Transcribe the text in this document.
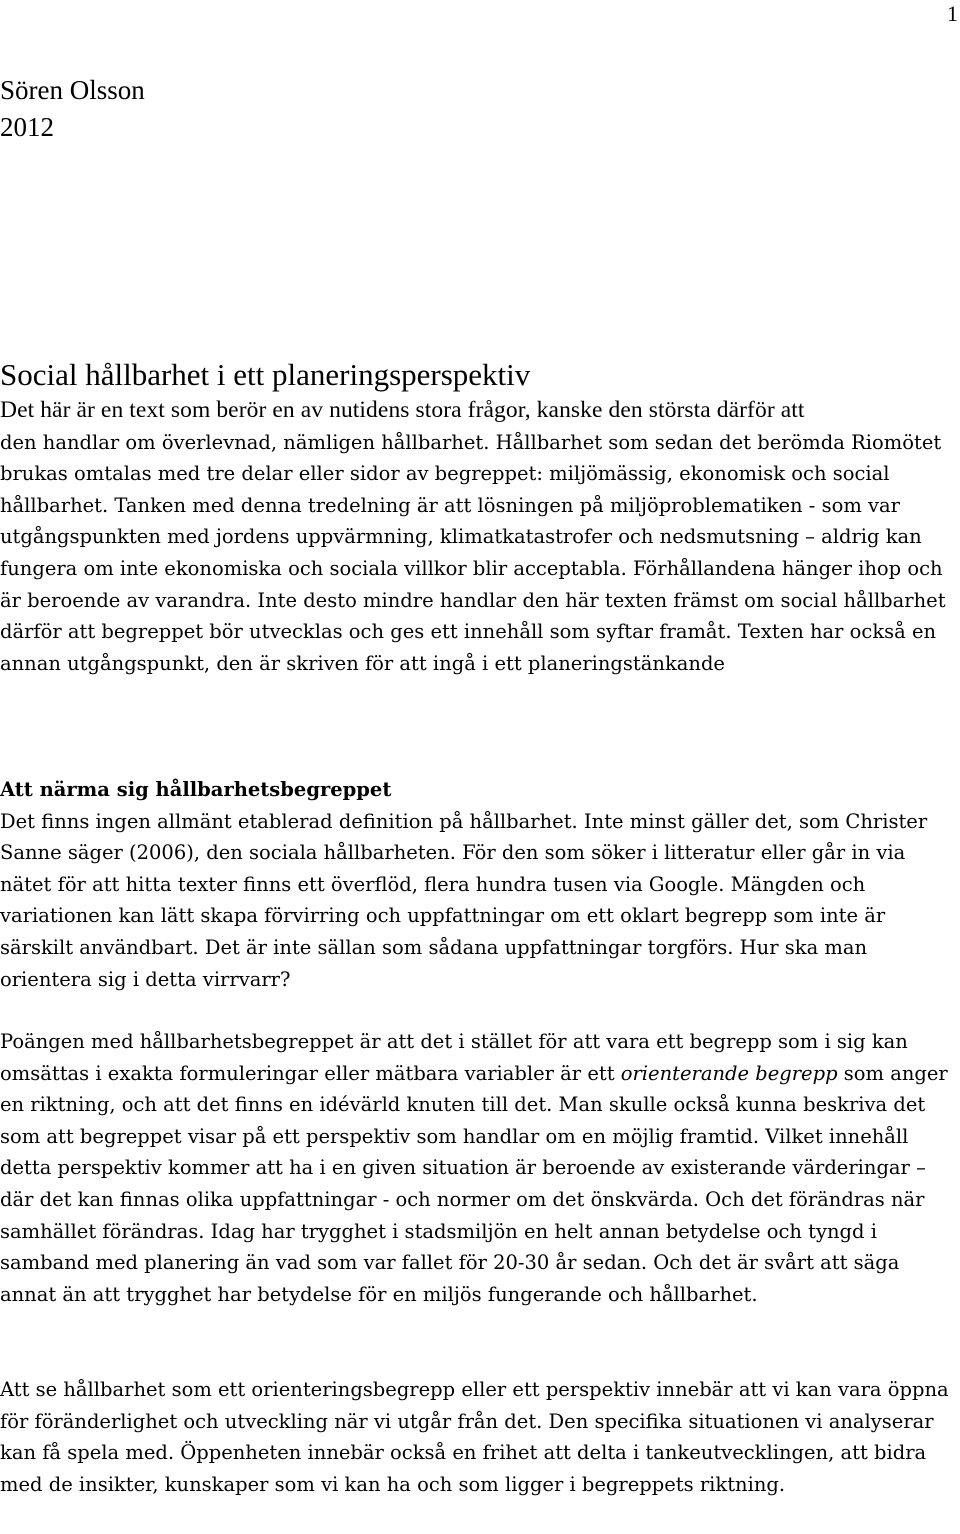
1
Sören Olsson
2012
Social hållbarhet i ett planeringsperspektiv

Det här är en text som berör en av nutidens stora frågor, kanske den största därför att
den handlar om överlevnad, nämligen hållbarhet. Hållbarhet som sedan det berömda Riomötet brukas omtalas med tre delar eller sidor av begreppet: miljömässig, ekonomisk och social hållbarhet. Tanken med denna tredelning är att lösningen på miljöproblematiken - som var utgångspunkten med jordens uppvärmning, klimatkatastrofer och nedsmutsning – aldrig kan fungera om inte ekonomiska och sociala villkor blir acceptabla. Förhållandena hänger ihop och är beroende av varandra. Inte desto mindre handlar den här texten främst om social hållbarhet därför att begreppet bör utvecklas och ges ett innehåll som syftar framåt. Texten har också en annan utgångspunkt, den är skriven för att ingå i ett planeringstänkande

Att närma sig hållbarhetsbegreppet

Det finns ingen allmänt etablerad definition på hållbarhet. Inte minst gäller det, som Christer Sanne säger (2006), den sociala hållbarheten. För den som söker i litteratur eller går in via nätet för att hitta texter finns ett överflöd, flera hundra tusen via Google. Mängden och variationen kan lätt skapa förvirring och uppfattningar om ett oklart begrepp som inte är särskilt användbart. Det är inte sällan som sådana uppfattningar torgförs. Hur ska man orientera sig i detta virrvarr?

Poängen med hållbarhetsbegreppet är att det i stället för att vara ett begrepp som i sig kan omsättas i exakta formuleringar eller mätbara variabler är ett orienterande begrepp som anger en riktning, och att det finns en idévärld knuten till det. Man skulle också kunna beskriva det som att begreppet visar på ett perspektiv som handlar om en möjlig framtid. Vilket innehåll detta perspektiv kommer att ha i en given situation är beroende av existerande värderingar – där det kan finnas olika uppfattningar - och normer om det önskvärda. Och det förändras när samhället förändras. Idag har trygghet i stadsmiljön en helt annan betydelse och tyngd i samband med planering än vad som var fallet för 20-30 år sedan. Och det är svårt att säga annat än att trygghet har betydelse för en miljös fungerande och hållbarhet.

Att se hållbarhet som ett orienteringsbegrepp eller ett perspektiv innebär att vi kan vara öppna för föränderlighet och utveckling när vi utgår från det. Den specifika situationen vi analyserar kan få spela med. Öppenheten innebär också en frihet att delta i tankeutvecklingen, att bidra med de insikter, kunskaper som vi kan ha och som ligger i begreppets riktning.
